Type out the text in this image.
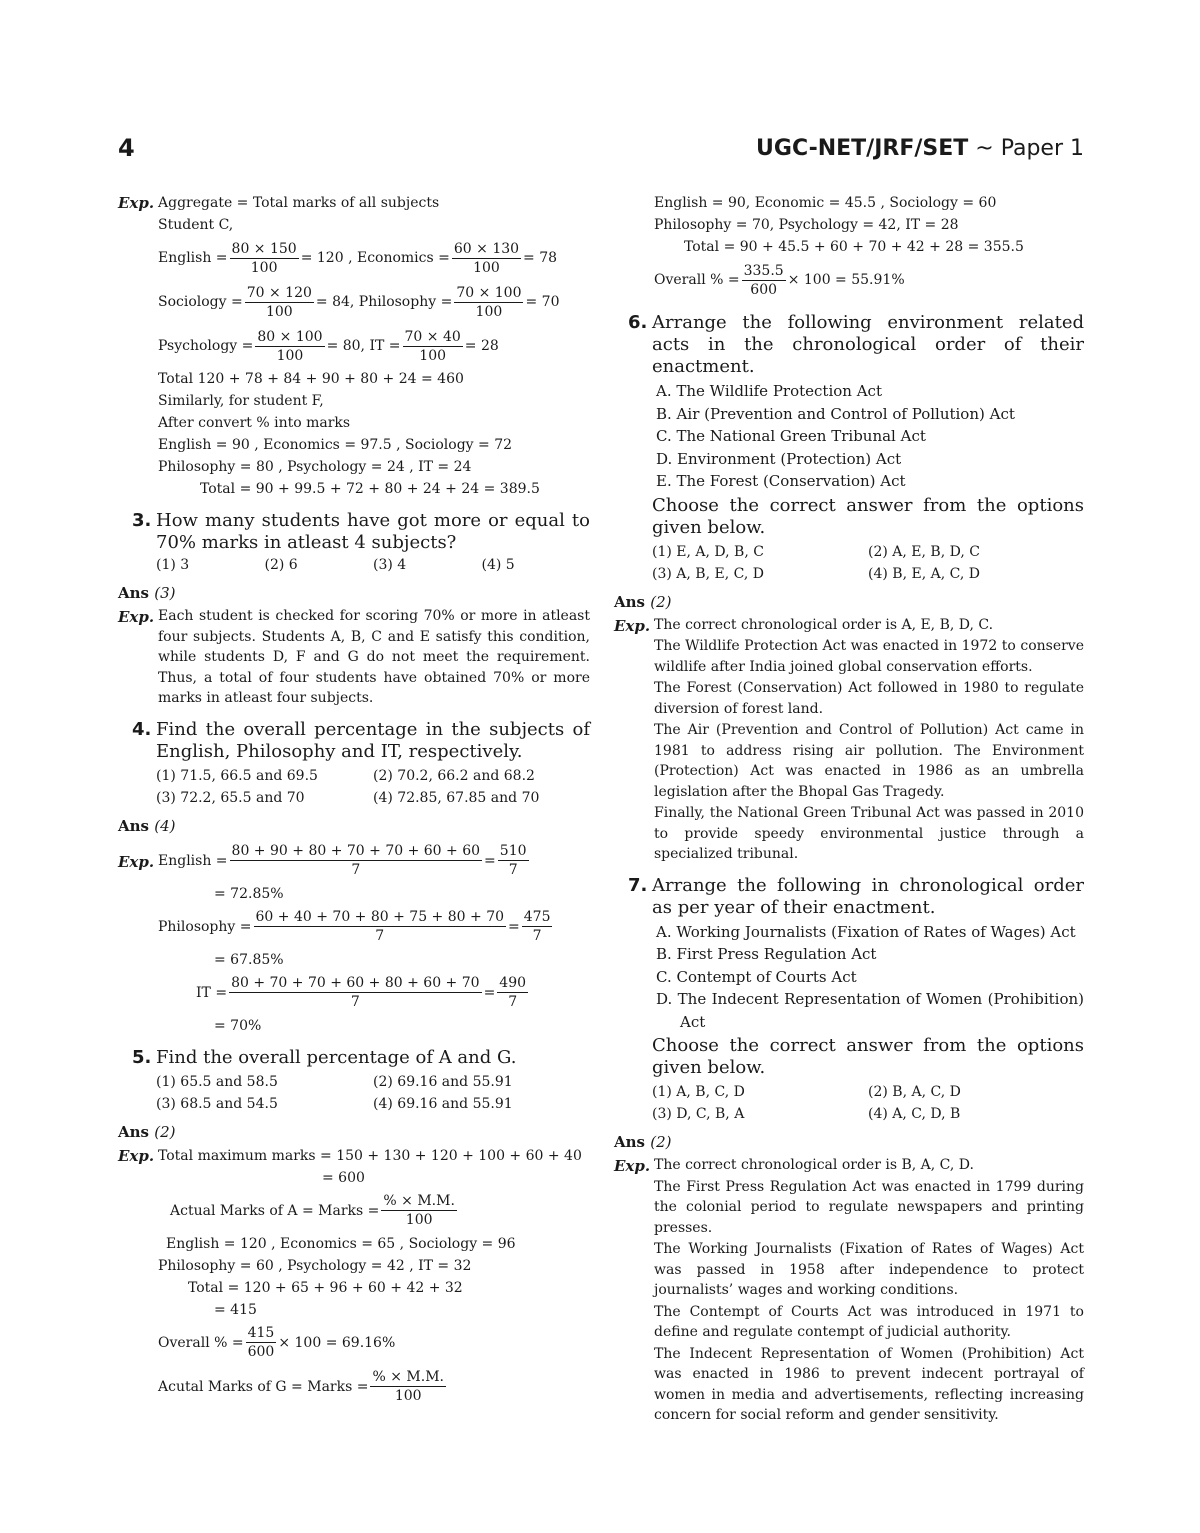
4	UGC-NET/JRF/SET ~ Paper 1
Exp. Aggregate = Total marks of all subjects
Student C,
English = $\frac{80 \times 150}{100} = 120$ , Economics = $\frac{60 \times 130}{100} = 78$
Sociology = $\frac{70 \times 120}{100} = 84$, Philosophy = $\frac{70 \times 100}{100} = 70$
Psychology = $\frac{80 \times 100}{100} = 80$, IT = $\frac{70 \times 40}{100} = 28$
Total 120 + 78 + 84 + 90 + 80 + 24 = 460
Similarly, for student F,
After convert % into marks
English = 90 , Economics = 97.5 , Sociology = 72
Philosophy = 80 , Psychology = 24 , IT = 24
Total = 90 + 99.5 + 72 + 80 + 24 + 24 = 389.5
3. How many students have got more or equal to 70% marks in atleast 4 subjects?
(1) 3	(2) 6	(3) 4	(4) 5
Ans (3)
Exp. Each student is checked for scoring 70% or more in atleast four subjects. Students A, B, C and E satisfy this condition, while students D, F and G do not meet the requirement. Thus, a total of four students have obtained 70% or more marks in atleast four subjects.
4. Find the overall percentage in the subjects of English, Philosophy and IT, respectively.
(1) 71.5, 66.5 and 69.5	(2) 70.2, 66.2 and 68.2
(3) 72.2, 65.5 and 70	(4) 72.85, 67.85 and 70
Ans (4)
Exp. English = $\frac{80 + 90 + 80 + 70 + 70 + 60 + 60}{7} = \frac{510}{7}$
= 72.85%
Philosophy = $\frac{60 + 40 + 70 + 80 + 75 + 80 + 70}{7} = \frac{475}{7}$
= 67.85%
IT = $\frac{80 + 70 + 70 + 60 + 80 + 60 + 70}{7} = \frac{490}{7}$
= 70%
5. Find the overall percentage of A and G.
(1) 65.5 and 58.5	(2) 69.16 and 55.91
(3) 68.5 and 54.5	(4) 69.16 and 55.91
Ans (2)
Exp. Total maximum marks = 150 + 130 + 120 + 100 + 60 + 40
= 600
Actual Marks of A = Marks = $\frac{\% \times M.M.}{100}$
English = 120 , Economics = 65 , Sociology = 96
Philosophy = 60 , Psychology = 42 , IT = 32
Total = 120 + 65 + 96 + 60 + 42 + 32
= 415
Overall % = $\frac{415}{600} \times 100 = 69.16\%$
Acutal Marks of G = Marks = $\frac{\% \times M.M.}{100}$
English = 90, Economic = 45.5 , Sociology = 60
Philosophy = 70, Psychology = 42, IT = 28
Total = 90 + 45.5 + 60 + 70 + 42 + 28 = 355.5
Overall % = $\frac{335.5}{600} \times 100 = 55.91\%$
6. Arrange the following environment related acts in the chronological order of their enactment.
A. The Wildlife Protection Act
B. Air (Prevention and Control of Pollution) Act
C. The National Green Tribunal Act
D. Environment (Protection) Act
E. The Forest (Conservation) Act
Choose the correct answer from the options given below.
(1) E, A, D, B, C	(2) A, E, B, D, C
(3) A, B, E, C, D	(4) B, E, A, C, D
Ans (2)
Exp. The correct chronological order is A, E, B, D, C.
The Wildlife Protection Act was enacted in 1972 to conserve wildlife after India joined global conservation efforts.
The Forest (Conservation) Act followed in 1980 to regulate diversion of forest land.
The Air (Prevention and Control of Pollution) Act came in 1981 to address rising air pollution. The Environment (Protection) Act was enacted in 1986 as an umbrella legislation after the Bhopal Gas Tragedy.
Finally, the National Green Tribunal Act was passed in 2010 to provide speedy environmental justice through a specialized tribunal.
7. Arrange the following in chronological order as per year of their enactment.
A. Working Journalists (Fixation of Rates of Wages) Act
B. First Press Regulation Act
C. Contempt of Courts Act
D. The Indecent Representation of Women (Prohibition) Act
Choose the correct answer from the options given below.
(1) A, B, C, D	(2) B, A, C, D
(3) D, C, B, A	(4) A, C, D, B
Ans (2)
Exp. The correct chronological order is B, A, C, D.
The First Press Regulation Act was enacted in 1799 during the colonial period to regulate newspapers and printing presses.
The Working Journalists (Fixation of Rates of Wages) Act was passed in 1958 after independence to protect journalists’ wages and working conditions.
The Contempt of Courts Act was introduced in 1971 to define and regulate contempt of judicial authority.
The Indecent Representation of Women (Prohibition) Act was enacted in 1986 to prevent indecent portrayal of women in media and advertisements, reflecting increasing concern for social reform and gender sensitivity.
